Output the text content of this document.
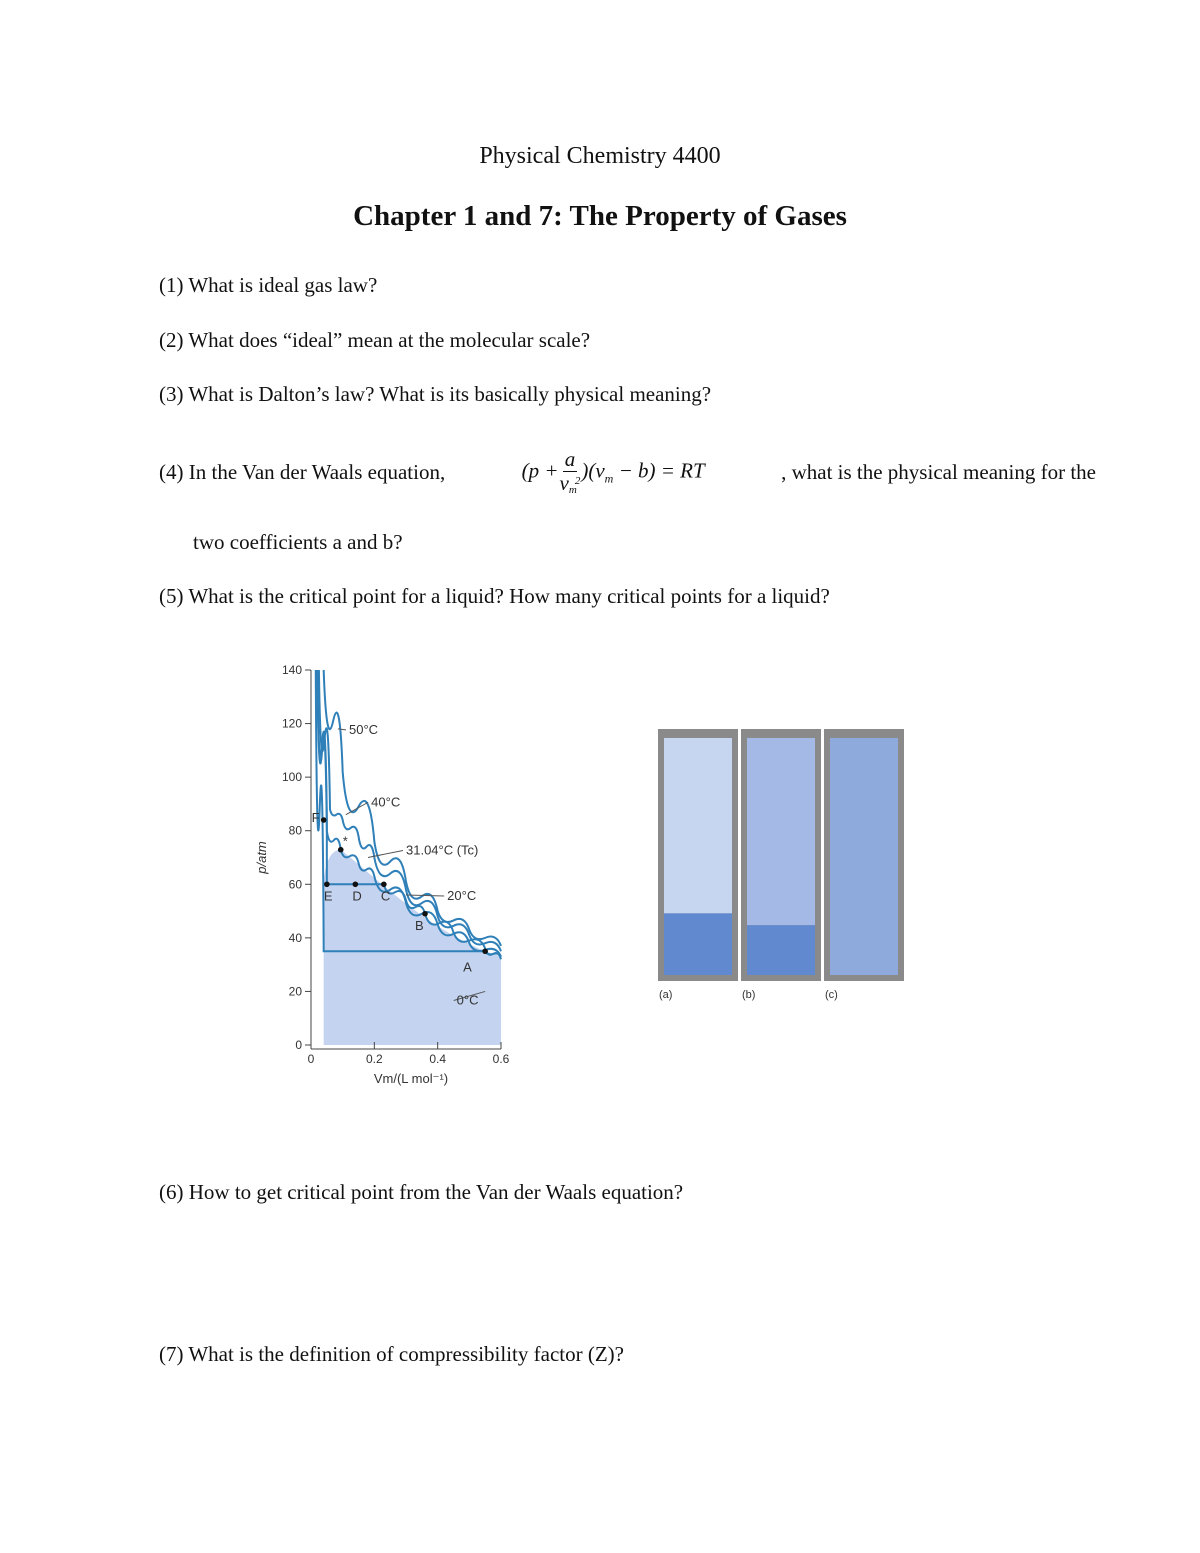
Physical Chemistry 4400
Chapter 1 and 7: The Property of Gases
(1) What is ideal gas law?
(2) What does “ideal” mean at the molecular scale?
(3) What is Dalton’s law? What is its basically physical meaning?
(4) In the Van der Waals equation,	$(p + \frac{a}{v_m^2} )(v_m - b)$ = RT	, what is the physical meaning for the
two coefficients a and b?
(5) What is the critical point for a liquid? How many critical points for a liquid?
0
20
40
60
80
100
120
140
0	0.2	0.4	0.6
p/atm
Vm/(L mol⁻¹)
50°C
40°C
31.04°C (Tc)
20°C
0°C
F
*
E D C
B
A
(a)	(b)	(c)
(6) How to get critical point from the Van der Waals equation?
(7) What is the definition of compressibility factor (Z)?
